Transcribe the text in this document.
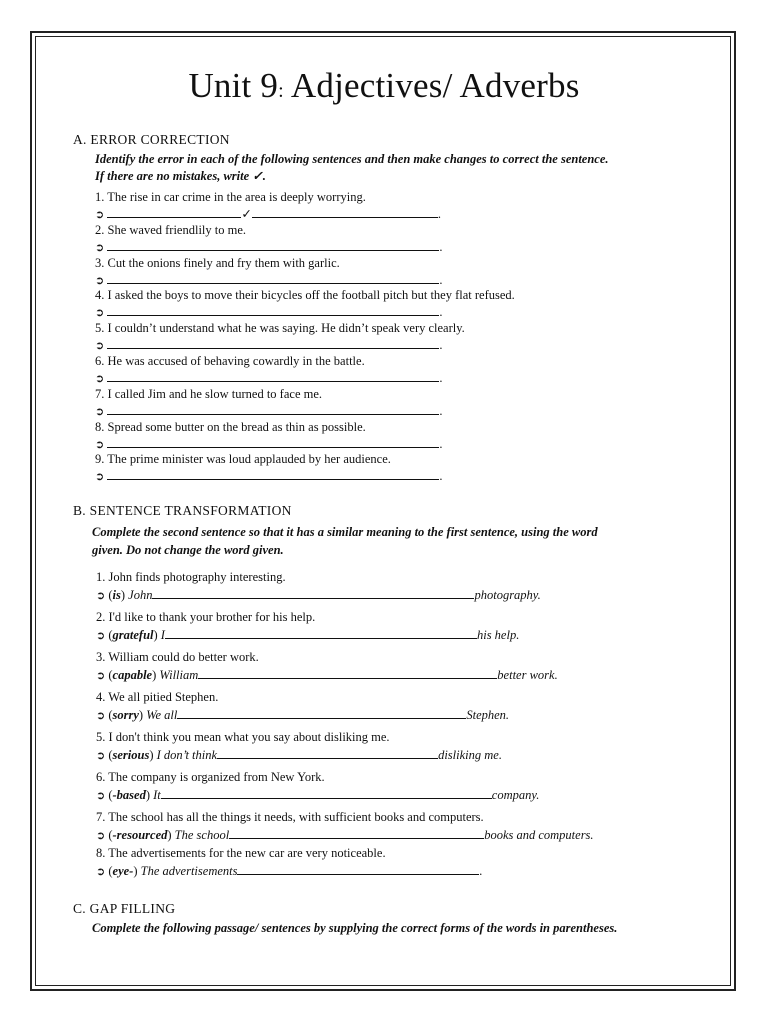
Unit 9: Adjectives/ Adverbs
A. ERROR CORRECTION
Identify the error in each of the following sentences and then make changes to correct the sentence.
If there are no mistakes, write ✓.
1. The rise in car crime in the area is deeply worrying.
➲	✓	.
2. She waved friendlily to me.
➲	.
3. Cut the onions finely and fry them with garlic.
➲	.
4. I asked the boys to move their bicycles off the football pitch but they flat refused.
➲	.
5. I couldn’t understand what he was saying. He didn’t speak very clearly.
➲	.
6. He was accused of behaving cowardly in the battle.
➲	.
7. I called Jim and he slow turned to face me.
➲	.
8. Spread some butter on the bread as thin as possible.
➲	.
9. The prime minister was loud applauded by her audience.
➲	.
B. SENTENCE TRANSFORMATION
Complete the second sentence so that it has a similar meaning to the first sentence, using the word
given. Do not change the word given.
1. John finds photography interesting.
➲ (is) John	photography.
2. I'd like to thank your brother for his help.
➲ (grateful) I	his help.
3. William could do better work.
➲ (capable) William	better work.
4. We all pitied Stephen.
➲ (sorry) We all	Stephen.
5. I don't think you mean what you say about disliking me.
➲ (serious) I don’t think	disliking me.
6. The company is organized from New York.
➲ (-based) It	company.
7. The school has all the things it needs, with sufficient books and computers.
➲ (-resourced) The school	books and computers.
8. The advertisements for the new car are very noticeable.
➲ (eye-) The advertisements	.
C. GAP FILLING
Complete the following passage/ sentences by supplying the correct forms of the words in parentheses.
